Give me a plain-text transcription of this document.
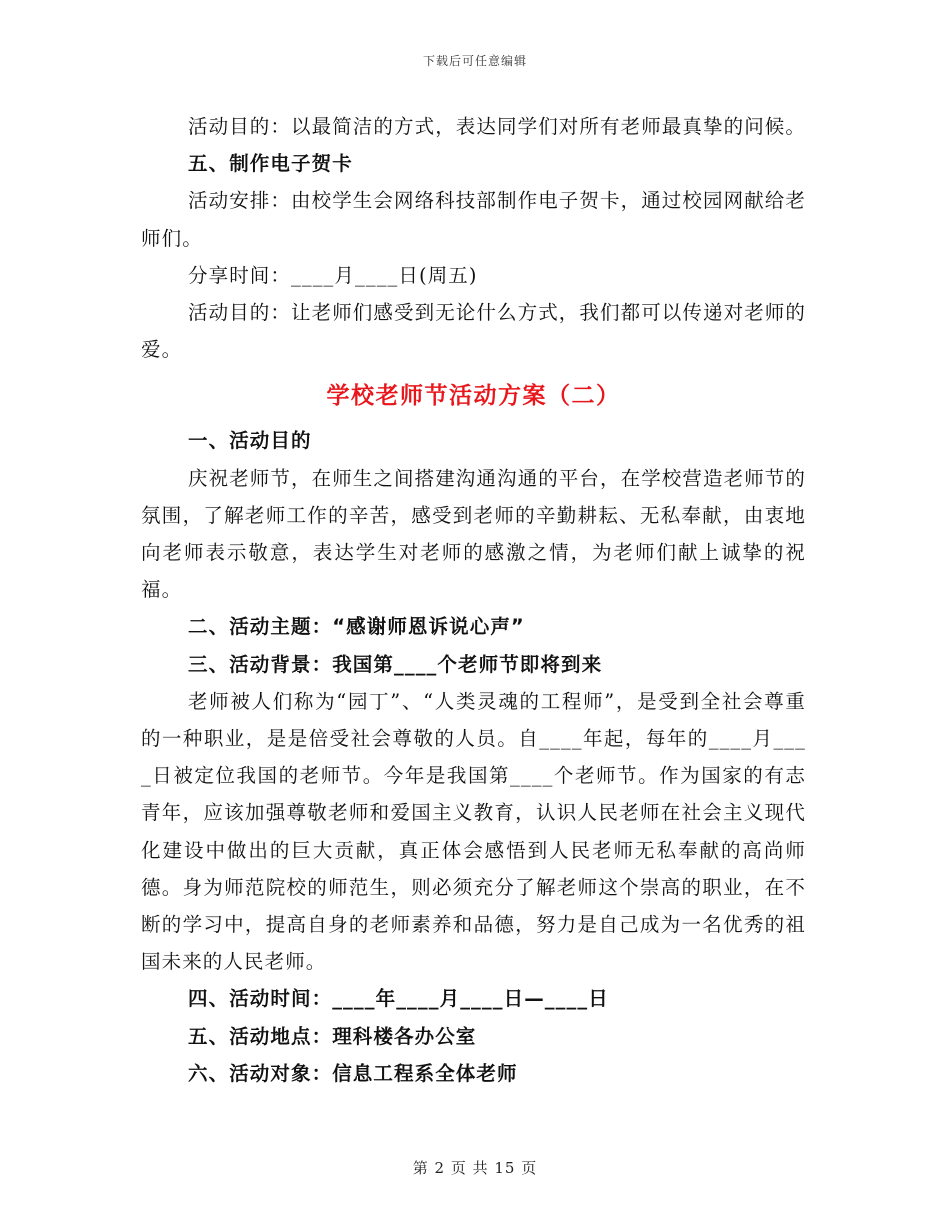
下载后可任意编辑

活动目的：以最简洁的方式，表达同学们对所有老师最真挚的问候。

五、制作电子贺卡

活动安排：由校学生会网络科技部制作电子贺卡，通过校园网献给老师们。

分享时间：____月____日(周五)

活动目的：让老师们感受到无论什么方式，我们都可以传递对老师的爱。

学校老师节活动方案（二）

一、活动目的

庆祝老师节，在师生之间搭建沟通沟通的平台，在学校营造老师节的氛围，了解老师工作的辛苦，感受到老师的辛勤耕耘、无私奉献，由衷地向老师表示敬意，表达学生对老师的感激之情，为老师们献上诚挚的祝福。

二、活动主题：“感谢师恩诉说心声”

三、活动背景：我国第____个老师节即将到来

老师被人们称为“园丁”、“人类灵魂的工程师”，是受到全社会尊重的一种职业，是是倍受社会尊敬的人员。自____年起，每年的____月____日被定位我国的老师节。今年是我国第____个老师节。作为国家的有志青年，应该加强尊敬老师和爱国主义教育，认识人民老师在社会主义现代化建设中做出的巨大贡献，真正体会感悟到人民老师无私奉献的高尚师德。身为师范院校的师范生，则必须充分了解老师这个崇高的职业，在不断的学习中，提高自身的老师素养和品德，努力是自己成为一名优秀的祖国未来的人民老师。

四、活动时间：____年____月____日—____日

五、活动地点：理科楼各办公室

六、活动对象：信息工程系全体老师

第 2 页 共 15 页
